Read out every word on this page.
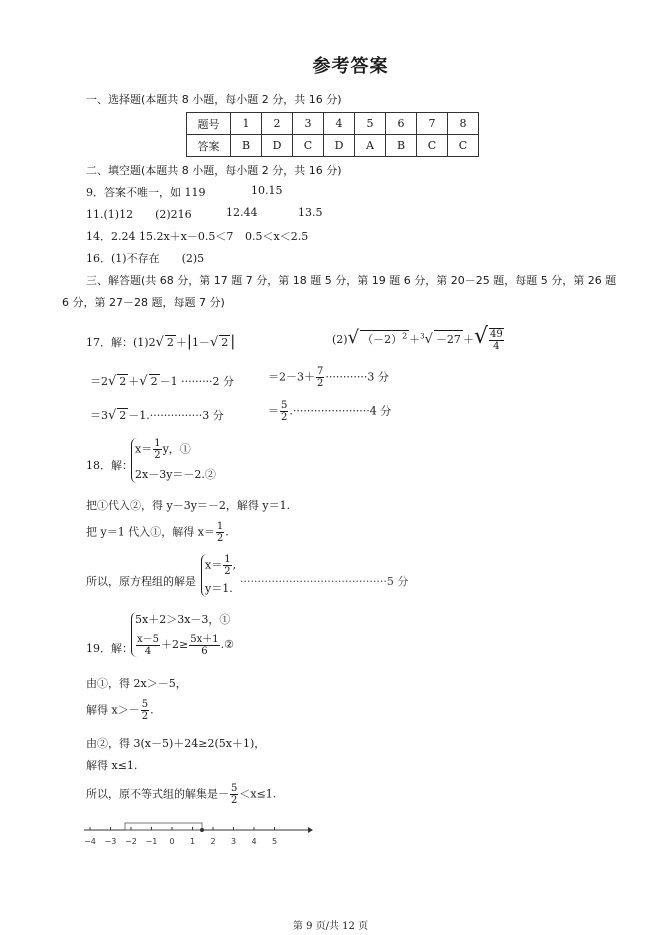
参考答案
一、选择题(本题共 8 小题，每小题 2 分，共 16 分)
题号	1	2	3	4	5	6	7	8
答案	B	D	C	D	A	B	C	C
二、填空题(本题共 8 小题，每小题 2 分，共 16 分)
9．答案不唯一，如 119	10.15
11.(1)12　　(2)216	12.44	13.5
14．2.24 15.2x＋x－0.5＜7 0.5＜x＜2.5
16．(1)不存在　　(2)5
三、解答题(共 68 分，第 17 题 7 分，第 18 题 5 分，第 19 题 6 分，第 20－25 题，每题 5 分，第 26 题
6 分，第 27－28 题，每题 7 分)
17．解：(1)2√ 2 ＋|1－√ 2 |	(2)√ $(-2)^2 +^3√ -27$ ＋√ $\frac{49}{4}$
＝2√ 2 ＋√ 2 －1 ·········2 分	$=2-3+ \frac{7}{2} \cdot\cdot\cdot\cdot\cdot\cdot\cdot\cdot\cdot\cdot\cdot\cdot 3$ 分
＝3√ 2 －1.···············3 分	＝ $\frac{5}{2} .\cdot\cdot\cdot\cdot\cdot\cdot\cdot\cdot\cdot\cdot\cdot\cdot\cdot\cdot\cdot\cdot\cdot\cdot\cdot\cdot\cdot\cdot 4$ 分
18．解：
$x= \frac{1}{2}$ y，①
2x－3y＝－2.②
把①代入②，得 y－3y＝－2，解得 y＝1.
把 y＝1 代入①，解得 $x= \frac{1}{2}$ .
所以，原方程组的解是
$x= \frac{1}{2}$ ,
y＝1.
··········································5 分
19．解：
5x＋2＞3x－3，①
$\frac{x-5}{4} +2\ge \frac{5x+1}{6}$ .②
由①，得 2x＞－5，
解得 $x>- \frac{5}{2}$ .
由②，得 3(x－5)＋24≥2(5x＋1)，
解得 x≤1.
所以，原不等式组的解集是－ $\frac{5}{2} <x\le 1$.
−4 −3 −2 −1 0 1 2 3 4 5
第 9 页/共 12 页
